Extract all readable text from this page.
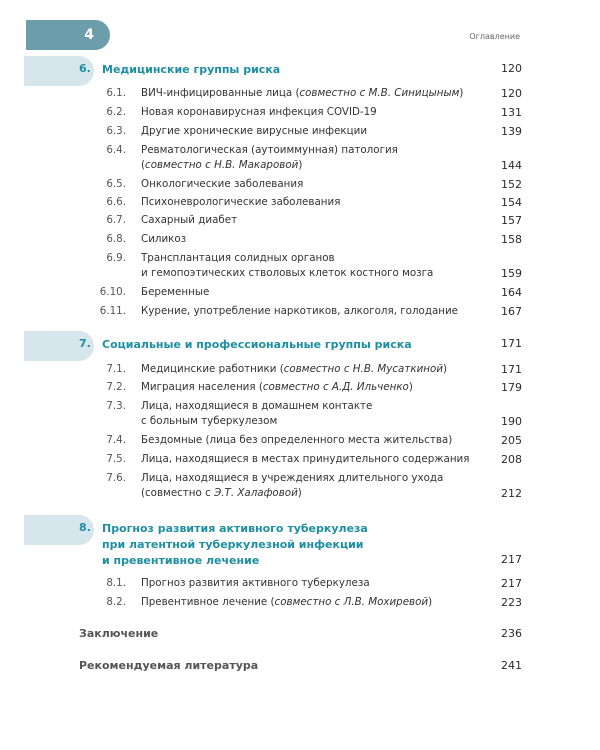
4	Оглавление
6. Медицинские группы риска	120
6.1. ВИЧ-инфицированные лица (совместно с М.В. Синицыным)	120
6.2. Новая коронавирусная инфекция COVID-19	131
6.3. Другие хронические вирусные инфекции	139
6.4. Ревматологическая (аутоиммунная) патология
(совместно с Н.В. Макаровой)	144
6.5. Онкологические заболевания	152
6.6. Психоневрологические заболевания	154
6.7. Сахарный диабет	157
6.8. Силикоз	158
6.9. Трансплантация солидных органов
и гемопоэтических стволовых клеток костного мозга	159
6.10. Беременные	164
6.11. Курение, употребление наркотиков, алкоголя, голодание	167
7. Социальные и профессиональные группы риска	171
7.1. Медицинские работники (совместно с Н.В. Мусаткиной)	171
7.2. Миграция населения (совместно с А.Д. Ильченко)	179
7.3. Лица, находящиеся в домашнем контакте
с больным туберкулезом	190
7.4. Бездомные (лица без определенного места жительства)	205
7.5. Лица, находящиеся в местах принудительного содержания	208
7.6. Лица, находящиеся в учреждениях длительного ухода
(совместно с Э.Т. Халафовой)	212
8. Прогноз развития активного туберкулеза
при латентной туберкулезной инфекции
и превентивное лечение	217
8.1. Прогноз развития активного туберкулеза	217
8.2. Превентивное лечение (совместно с Л.В. Мохиревой)	223
Заключение	236
Рекомендуемая литература	241
